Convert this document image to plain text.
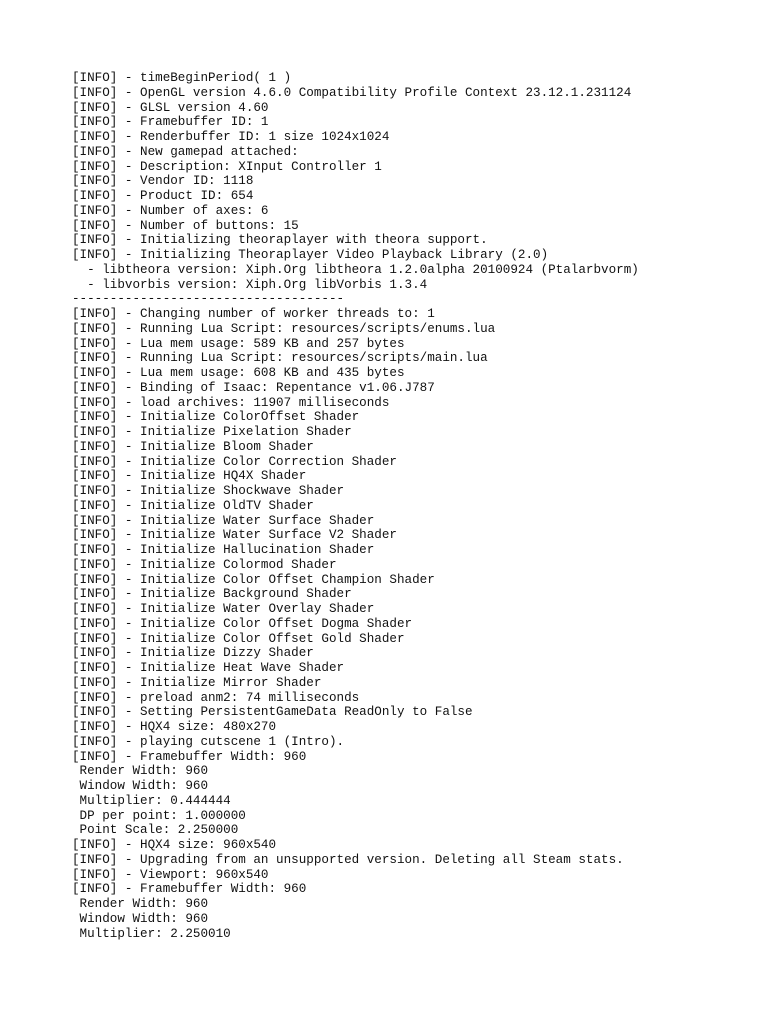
[INFO] - timeBeginPeriod( 1 )
[INFO] - OpenGL version 4.6.0 Compatibility Profile Context 23.12.1.231124
[INFO] - GLSL version 4.60
[INFO] - Framebuffer ID: 1
[INFO] - Renderbuffer ID: 1 size 1024x1024
[INFO] - New gamepad attached:
[INFO] - Description: XInput Controller 1
[INFO] - Vendor ID: 1118
[INFO] - Product ID: 654
[INFO] - Number of axes: 6
[INFO] - Number of buttons: 15
[INFO] - Initializing theoraplayer with theora support.
[INFO] - Initializing Theoraplayer Video Playback Library (2.0)
- libtheora version: Xiph.Org libtheora 1.2.0alpha 20100924 (Ptalarbvorm)
- libvorbis version: Xiph.Org libVorbis 1.3.4
------------------------------------
[INFO] - Changing number of worker threads to: 1
[INFO] - Running Lua Script: resources/scripts/enums.lua
[INFO] - Lua mem usage: 589 KB and 257 bytes
[INFO] - Running Lua Script: resources/scripts/main.lua
[INFO] - Lua mem usage: 608 KB and 435 bytes
[INFO] - Binding of Isaac: Repentance v1.06.J787
[INFO] - load archives: 11907 milliseconds
[INFO] - Initialize ColorOffset Shader
[INFO] - Initialize Pixelation Shader
[INFO] - Initialize Bloom Shader
[INFO] - Initialize Color Correction Shader
[INFO] - Initialize HQ4X Shader
[INFO] - Initialize Shockwave Shader
[INFO] - Initialize OldTV Shader
[INFO] - Initialize Water Surface Shader
[INFO] - Initialize Water Surface V2 Shader
[INFO] - Initialize Hallucination Shader
[INFO] - Initialize Colormod Shader
[INFO] - Initialize Color Offset Champion Shader
[INFO] - Initialize Background Shader
[INFO] - Initialize Water Overlay Shader
[INFO] - Initialize Color Offset Dogma Shader
[INFO] - Initialize Color Offset Gold Shader
[INFO] - Initialize Dizzy Shader
[INFO] - Initialize Heat Wave Shader
[INFO] - Initialize Mirror Shader
[INFO] - preload anm2: 74 milliseconds
[INFO] - Setting PersistentGameData ReadOnly to False
[INFO] - HQX4 size: 480x270
[INFO] - playing cutscene 1 (Intro).
[INFO] - Framebuffer Width: 960
Render Width: 960
Window Width: 960
Multiplier: 0.444444
DP per point: 1.000000
Point Scale: 2.250000
[INFO] - HQX4 size: 960x540
[INFO] - Upgrading from an unsupported version. Deleting all Steam stats.
[INFO] - Viewport: 960x540
[INFO] - Framebuffer Width: 960
Render Width: 960
Window Width: 960
Multiplier: 2.250010
